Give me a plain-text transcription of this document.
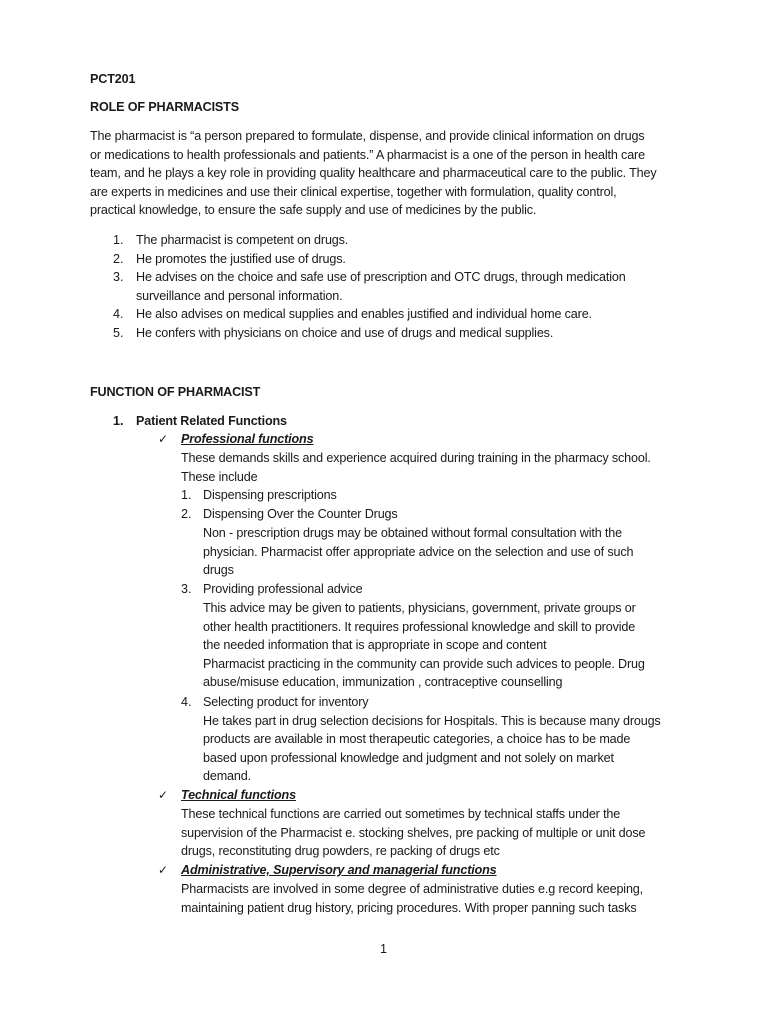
PCT201
ROLE OF PHARMACISTS
The pharmacist is “a person prepared to formulate, dispense, and provide clinical information on drugs
or medications to health professionals and patients.” A pharmacist is a one of the person in health care
team, and he plays a key role in providing quality healthcare and pharmaceutical care to the public. They
are experts in medicines and use their clinical expertise, together with formulation, quality control,
practical knowledge, to ensure the safe supply and use of medicines by the public.
1. The pharmacist is competent on drugs.
2. He promotes the justified use of drugs.
3. He advises on the choice and safe use of prescription and OTC drugs, through medication
surveillance and personal information.
4. He also advises on medical supplies and enables justified and individual home care.
5. He confers with physicians on choice and use of drugs and medical supplies.
FUNCTION OF PHARMACIST
1. Patient Related Functions
✓ Professional functions
These demands skills and experience acquired during training in the pharmacy school.
These include
1. Dispensing prescriptions
2. Dispensing Over the Counter Drugs
Non - prescription drugs may be obtained without formal consultation with the
physician. Pharmacist offer appropriate advice on the selection and use of such
drugs
3. Providing professional advice
This advice may be given to patients, physicians, government, private groups or
other health practitioners. It requires professional knowledge and skill to provide
the needed information that is appropriate in scope and content
Pharmacist practicing in the community can provide such advices to people. Drug
abuse/misuse education, immunization , contraceptive counselling
4. Selecting product for inventory
He takes part in drug selection decisions for Hospitals. This is because many drougs
products are available in most therapeutic categories, a choice has to be made
based upon professional knowledge and judgment and not solely on market
demand.
✓ Technical functions
These technical functions are carried out sometimes by technical staffs under the
supervision of the Pharmacist e. stocking shelves, pre packing of multiple or unit dose
drugs, reconstituting drug powders, re packing of drugs etc
✓ Administrative, Supervisory and managerial functions
Pharmacists are involved in some degree of administrative duties e.g record keeping,
maintaining patient drug history, pricing procedures. With proper panning such tasks
1
